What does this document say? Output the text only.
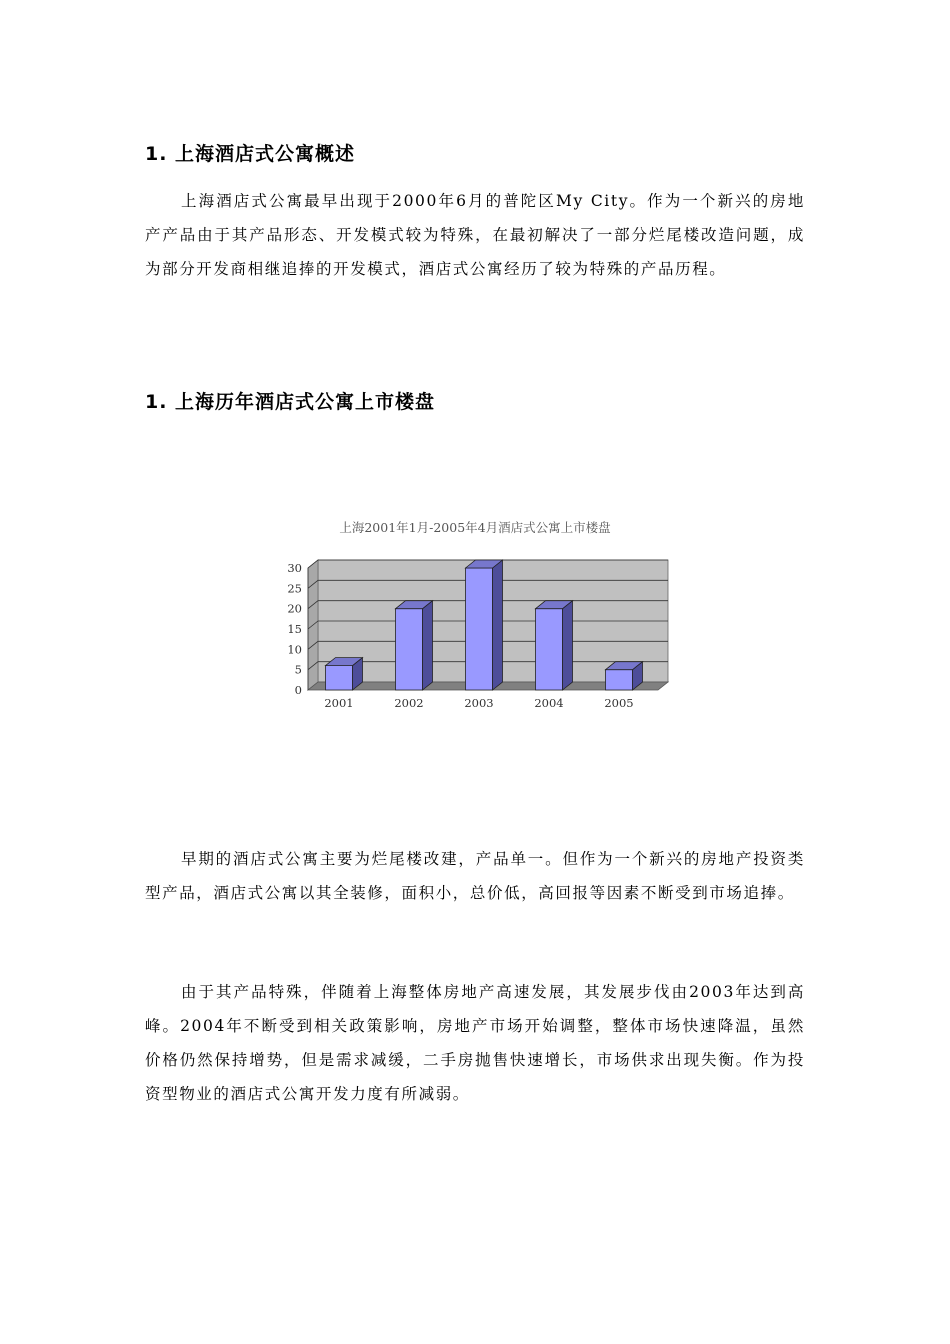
1. 上海酒店式公寓概述

上海酒店式公寓最早出现于2000年6月的普陀区My City。作为一个新兴的房地产产品由于其产品形态、开发模式较为特殊，在最初解决了一部分烂尾楼改造问题，成为部分开发商相继追捧的开发模式，酒店式公寓经历了较为特殊的产品历程。

1. 上海历年酒店式公寓上市楼盘
上海2001年1月-2005年4月酒店式公寓上市楼盘
0
5
10
15
20
25
30
2001	2002	2003	2004	2005

早期的酒店式公寓主要为烂尾楼改建，产品单一。但作为一个新兴的房地产投资类型产品，酒店式公寓以其全装修，面积小，总价低，高回报等因素不断受到市场追捧。

由于其产品特殊，伴随着上海整体房地产高速发展，其发展步伐由2003年达到高峰。2004年不断受到相关政策影响，房地产市场开始调整，整体市场快速降温，虽然价格仍然保持增势，但是需求减缓，二手房抛售快速增长，市场供求出现失衡。作为投资型物业的酒店式公寓开发力度有所减弱。
